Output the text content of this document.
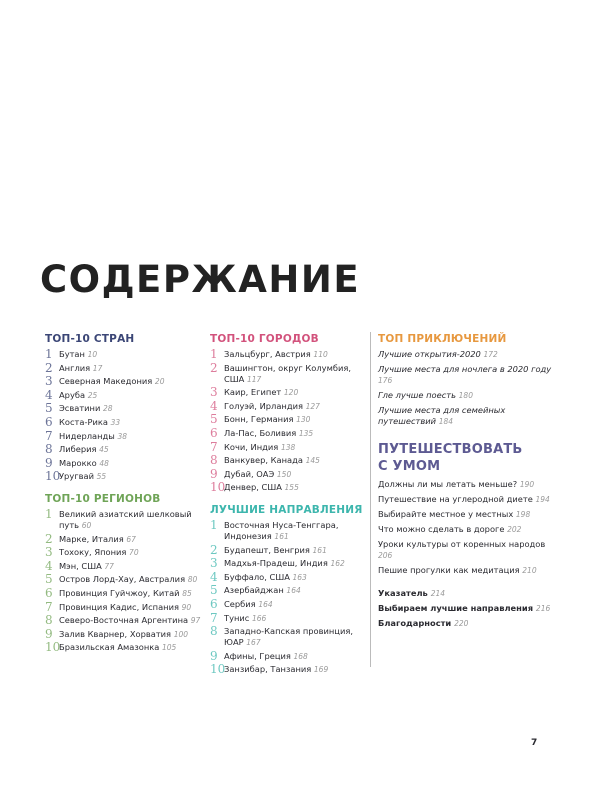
СОДЕРЖАНИЕ
ТОП-10 СТРАН
1 Бутан 10
2 Англия 17
3 Северная Македония 20
4 Аруба 25
5 Эсватини 28
6 Коста-Рика 33
7 Нидерланды 38
8 Либерия 45
9 Марокко 48
10
Уругвай 55
ТОП-10 РЕГИОНОВ
1 Великий азиатский шелковый путь 60
2 Марке, Италия 67
3 Тохоку, Япония 70
4 Мэн, США 77
5 Остров Лорд-Хау, Австралия 80
6 Провинция Гуйчжоу, Китай 85
7 Провинция Кадис, Испания 90
8 Северо-Восточная Аргентина 97
9 Залив Кварнер, Хорватия 100
10
Бразильская Амазонка 105
ТОП-10 ГОРОДОВ
1 Зальцбург, Австрия 110
2 Вашингтон, округ Колумбия, США 117
3 Каир, Египет 120
4 Голуэй, Ирландия 127
5 Бонн, Германия 130
6 Ла-Пас, Боливия 135
7 Кочи, Индия 138
8 Ванкувер, Канада 145
9 Дубай, ОАЭ 150
10
Денвер, США 155
ЛУЧШИЕ НАПРАВЛЕНИЯ
1 Восточная Нуса-Тенггара, Индонезия 161
2 Будапешт, Венгрия 161
3 Мадхья-Прадеш, Индия 162
4 Буффало, США 163
5 Азербайджан 164
6 Сербия 164
7 Тунис 166
8 Западно-Капская провинция, ЮАР 167
9 Афины, Греция 168
10
Занзибар, Танзания 169
ТОП ПРИКЛЮЧЕНИЙ
Лучшие открытия-2020 172
Лучшие места для ночлега в 2020 году 176
Гле лучше поесть 180
Лучшие места для семейных путешествий 184
ПУТЕШЕСТВОВАТЬ С УМОМ
Должны ли мы летать меньше? 190
Путешествие на углеродной диете 194
Выбирайте местное у местных 198
Что можно сделать в дороге 202
Уроки культуры от коренных народов 206
Пешие прогулки как медитация 210
Указатель 214
Выбираем лучшие направления 216
Благодарности 220
7
